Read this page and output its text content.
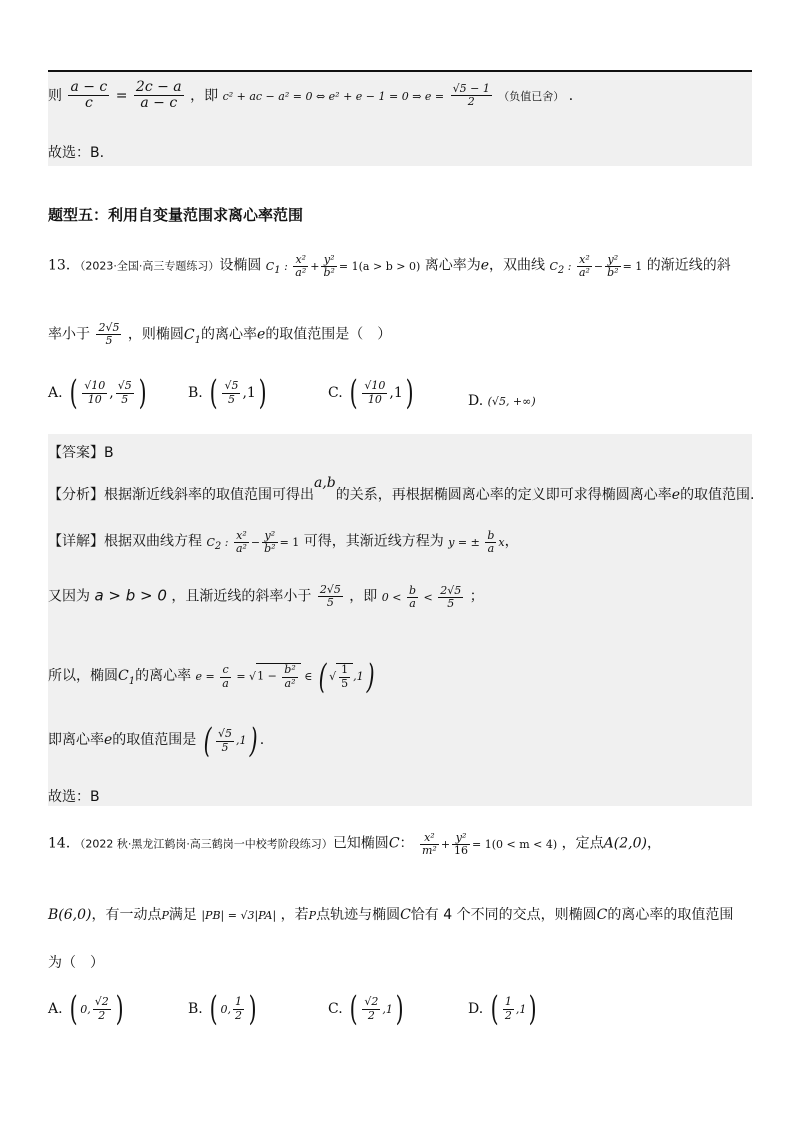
则 $\frac{a - c}{c} = \frac{2c - a}{a - c}$ ，即 c² + ac − a² = 0 ⇔ e² + e − 1 = 0 ⇒ $e = \frac{√5 - 1}{2}$ （负值已舍） ．
故选：B.
题型五：利用自变量范围求离心率范围
13．（2023·全国·高三专题练习）设椭圆 $C_1$ : $\frac{\text{x²}}{\text{a²}} + \frac{\text{y²}}{\text{b²}} = 1(a > b > 0)$ 离心率为e，双曲线 $C_2$ : $\frac{\text{x²}}{\text{a²}} - \frac{\text{y²}}{\text{b²}} = 1$ 的渐近线的斜
率小于 $\frac{2√5}{5}$ ，则椭圆$C_1$的离心率e的取值范围是（　）
A. ( $\frac{√10}{10}$ , $\frac{√5}{5}$ )	B. ( $\frac{√5}{5} ,1$)	C. ( $\frac{√10}{10} ,1$)	D. (√5, +∞)
【答案】B
【分析】根据渐近线斜率的取值范围可得出a,b的关系，再根据椭圆离心率的定义即可求得椭圆离心率e的取值范围.
【详解】根据双曲线方程 $C_2$ : $\frac{\text{x²}}{\text{a²}} - \frac{\text{y²}}{\text{b²}} = 1$ 可得，其渐近线方程为 y = ± $\frac{b}{a}$ x，
又因为 a > b > 0 ，且渐近线的斜率小于 $\frac{2√5}{5}$ ，即 $0 < \frac{b}{a} < \frac{2√5}{5}$ ；
所以，椭圆$C_1$的离心率 $e = \frac{c}{a} = √1 - \frac{\text{b²}}{\text{a²}}$ ∈ ( √ $\frac{1}{5} ,1$)
即离心率e的取值范围是 ( $\frac{√5}{5} ,1$) .
故选：B
14．（2022 秋·黑龙江鹤岗·高三鹤岗一中校考阶段练习）已知椭圆C： $\frac{\text{x²}}{\text{m²}} + \frac{\text{y²}}{16} = 1(0 < m < 4)$ ，定点A(2,0)，
B(6,0)，有一动点P满足 |PB| = √3|PA| ，若P点轨迹与椭圆C恰有 4 个不同的交点，则椭圆C的离心率的取值范围
为（　）
A. ( 0, $\frac{√2}{2}$ )	B. ( 0, $\frac{1}{2}$ )	C. ( $\frac{√2}{2} ,1$)	D. ( $\frac{1}{2} ,1$)
